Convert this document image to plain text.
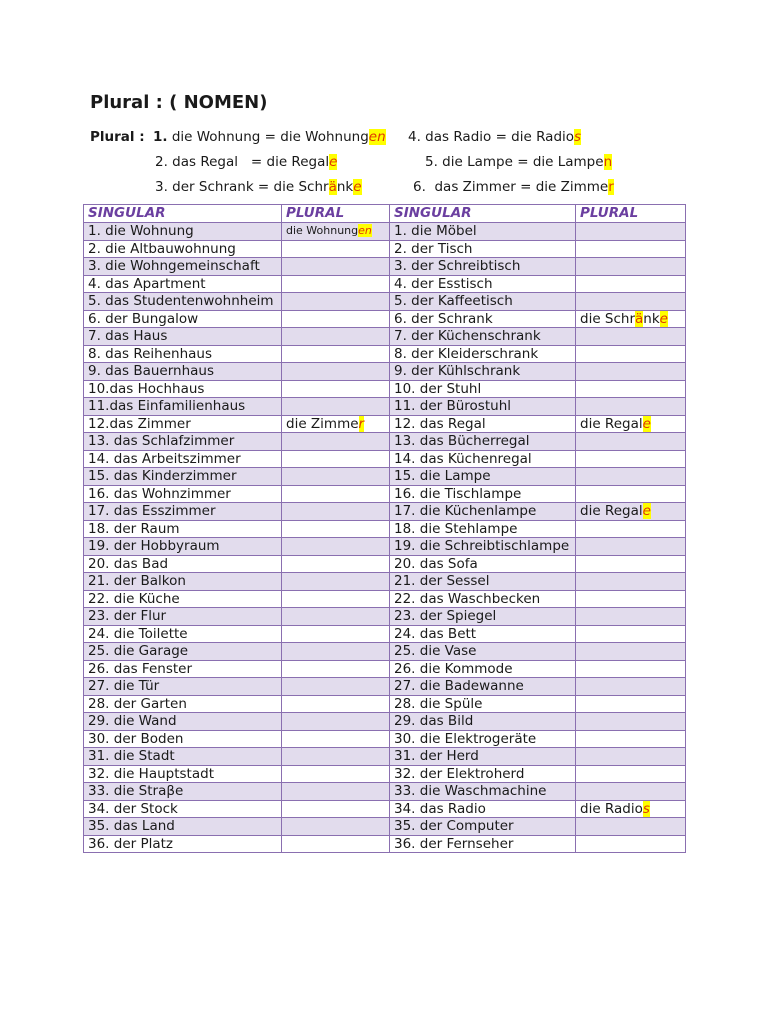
Plural : ( NOMEN)
Plural : 1. die Wohnung = die Wohnungen
2. das Regal   = die Regale
3. der Schrank = die Schränke
4. das Radio = die Radios
5. die Lampe = die Lampen
6.  das Zimmer = die Zimmer
SINGULAR	PLURAL	SINGULAR	PLURAL
1. die Wohnung	die Wohnungen	1. die Möbel	
2. die Altbauwohnung		2. der Tisch	
3. die Wohngemeinschaft		3. der Schreibtisch	
4. das Apartment		4. der Esstisch	
5. das Studentenwohnheim		5. der Kaffeetisch	
6. der Bungalow		6. der Schrank	die Schränke
7. das Haus		7. der Küchenschrank	
8. das Reihenhaus		8. der Kleiderschrank	
9. das Bauernhaus		9. der Kühlschrank	
10.das Hochhaus		10. der Stuhl	
11.das Einfamilienhaus		11. der Bürostuhl	
12.das Zimmer	die Zimmer	12. das Regal	die Regale
13. das Schlafzimmer		13. das Bücherregal	
14. das Arbeitszimmer		14. das Küchenregal	
15. das Kinderzimmer		15. die Lampe	
16. das Wohnzimmer		16. die Tischlampe	
17. das Esszimmer		17. die Küchenlampe	die Regale
18. der Raum		18. die Stehlampe	
19. der Hobbyraum		19. die Schreibtischlampe	
20. das Bad		20. das Sofa	
21. der Balkon		21. der Sessel	
22. die Küche		22. das Waschbecken	
23. der Flur		23. der Spiegel	
24. die Toilette		24. das Bett	
25. die Garage		25. die Vase	
26. das Fenster		26. die Kommode	
27. die Tür		27. die Badewanne	
28. der Garten		28. die Spüle	
29. die Wand		29. das Bild	
30. der Boden		30. die Elektrogeräte	
31. die Stadt		31. der Herd	
32. die Hauptstadt		32. der Elektroherd	
33. die Straβe		33. die Waschmachine	
34. der Stock		34. das Radio	die Radios
35. das Land		35. der Computer	
36. der Platz		36. der Fernseher	
